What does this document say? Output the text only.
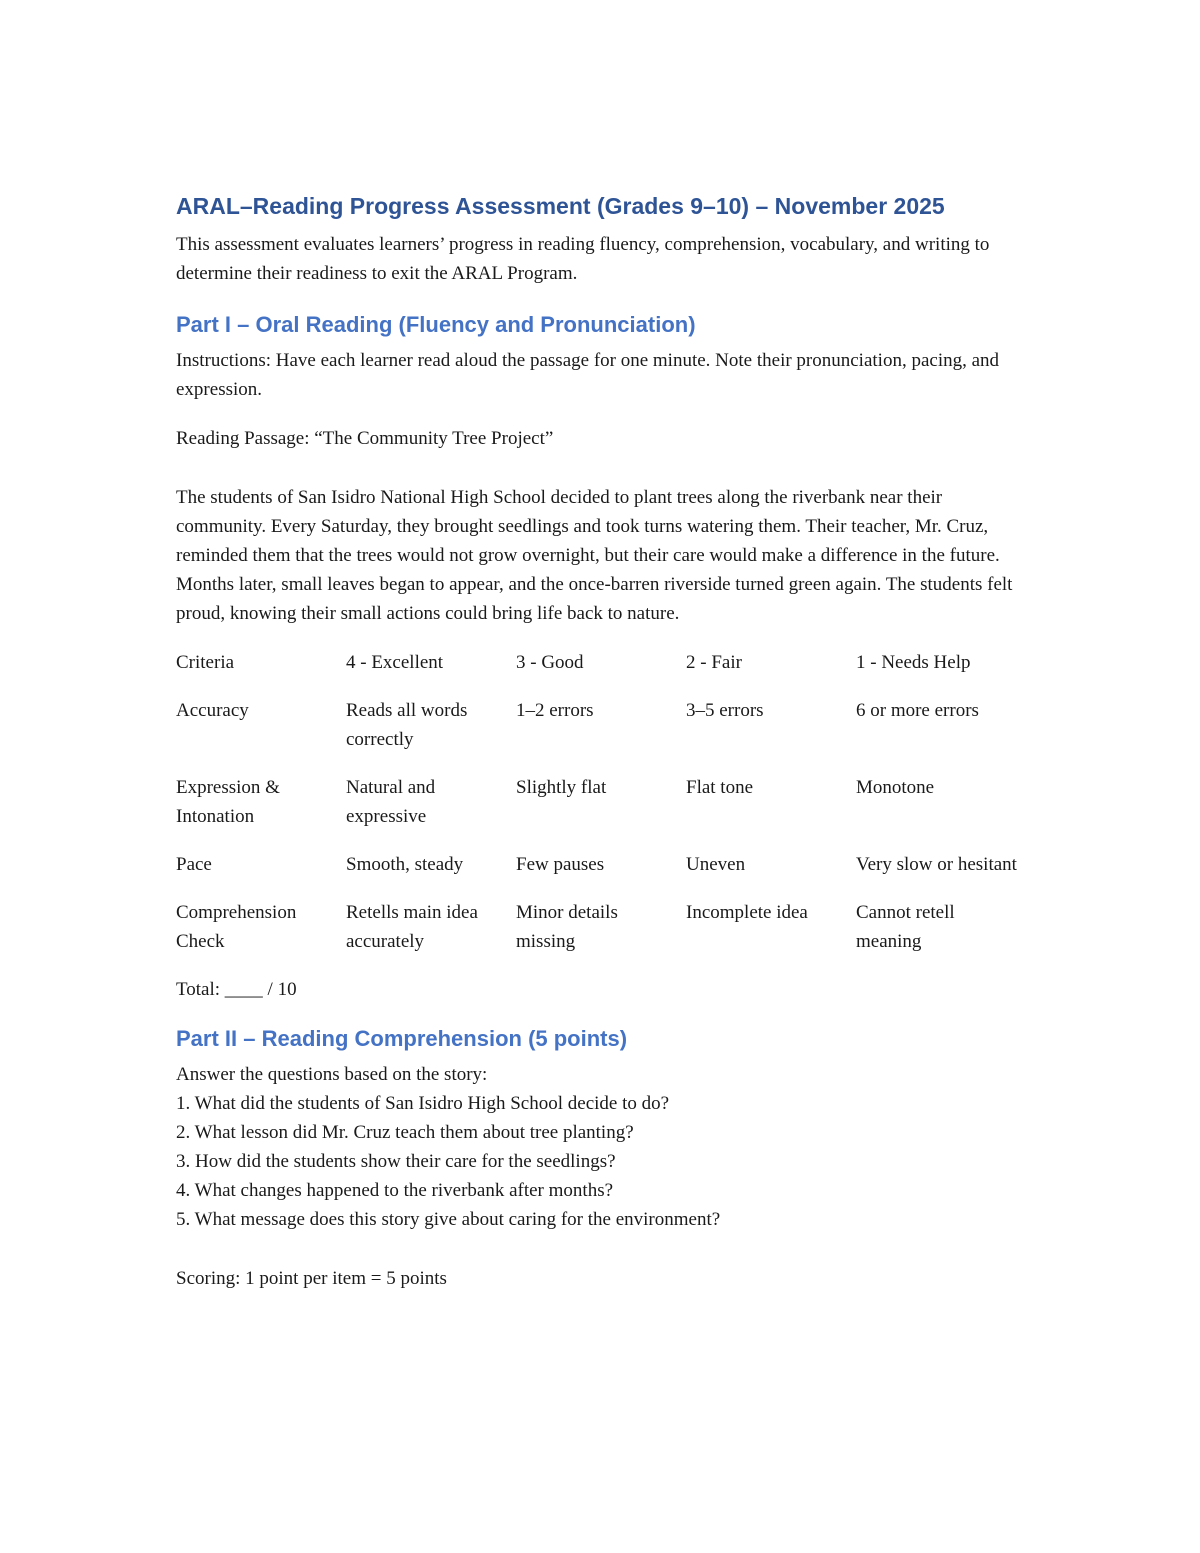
ARAL–Reading Progress Assessment (Grades 9–10) – November 2025

This assessment evaluates learners’ progress in reading fluency, comprehension, vocabulary, and writing to determine their readiness to exit the ARAL Program.

Part I – Oral Reading (Fluency and Pronunciation)

Instructions: Have each learner read aloud the passage for one minute. Note their pronunciation, pacing, and expression.

Reading Passage: “The Community Tree Project”

The students of San Isidro National High School decided to plant trees along the riverbank near their community. Every Saturday, they brought seedlings and took turns watering them. Their teacher, Mr. Cruz, reminded them that the trees would not grow overnight, but their care would make a difference in the future. Months later, small leaves began to appear, and the once-barren riverside turned green again. The students felt proud, knowing their small actions could bring life back to nature.

Criteria	4 - Excellent	3 - Good	2 - Fair	1 - Needs Help
Accuracy	Reads all words correctly	1–2 errors	3–5 errors	6 or more errors
Expression & Intonation	Natural and expressive	Slightly flat	Flat tone	Monotone
Pace	Smooth, steady	Few pauses	Uneven	Very slow or hesitant
Comprehension Check	Retells main idea accurately	Minor details missing	Incomplete idea	Cannot retell meaning

Total: ____ / 10

Part II – Reading Comprehension (5 points)

Answer the questions based on the story:

1. What did the students of San Isidro High School decide to do?
2. What lesson did Mr. Cruz teach them about tree planting?
3. How did the students show their care for the seedlings?
4. What changes happened to the riverbank after months?
5. What message does this story give about caring for the environment?

Scoring: 1 point per item = 5 points
